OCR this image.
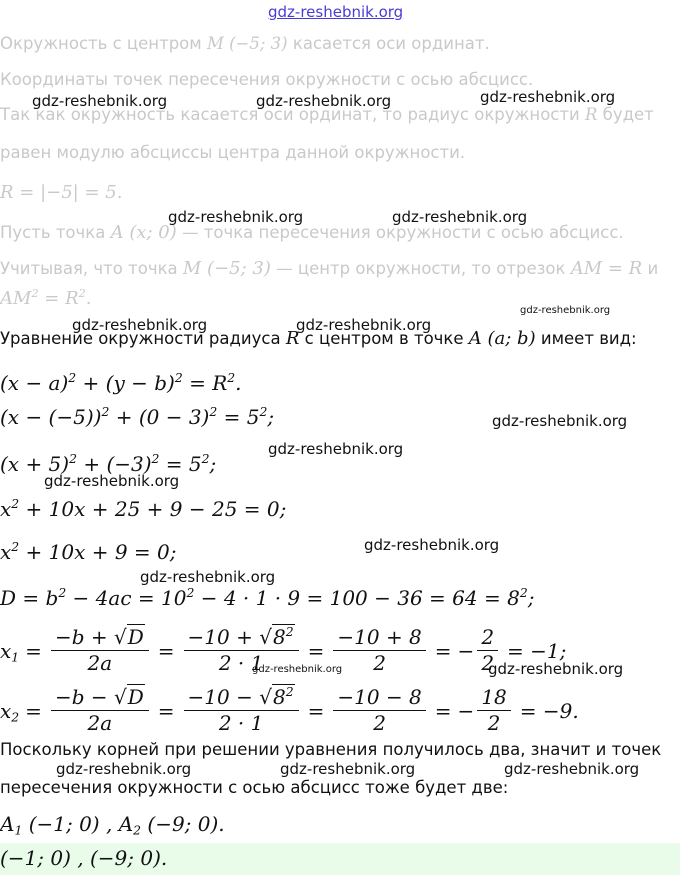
gdz-reshebnik.org
Окружность с центром M (−5; 3) касается оси ординат.
Координаты точек пересечения окружности с осью абсцисс.
Так как окружность касается оси ординат, то радиус окружности R будет
равен модулю абсциссы центра данной окружности.
R = |−5| = 5.
Пусть точка A (x; 0) — точка пересечения окружности с осью абсцисс.
Учитывая, что точка M (−5; 3) — центр окружности, то отрезок AM = R и
$AM^2 = R^2$.
Уравнение окружности радиуса R с центром в точке A (a; b) имеет вид:
$(x - a)^2 + (y - b)^2 = R^2$.
$(x - (-5))^2 + (0 - 3)^2 = 5^2$;
$(x + 5)^2 + (-3)^2 = 5^2$;
$x^2 + 10x + 25 + 9 - 25 = 0$;
$x^2 + 10x + 9 = 0$;
$D = b^2 - 4ac = 10^2 - 4 \cdot 1 \cdot 9 = 100 - 36 = 64 = 8^2$;
$x_1 = \frac{-b + √D}{2a} = \frac{-10 + √8^2}{2 \cdot 1} = \frac{-10 + 8}{2}$ = − $\frac{2}{2} = -1$;
$x_2 = \frac{-b - √D}{2a} = \frac{-10 - √8^2}{2 \cdot 1} = \frac{-10 - 8}{2}$ = − $\frac{18}{2} = -9$.
Поскольку корней при решении уравнения получилось два, значит и точек
пересечения окружности с осью абсцисс тоже будет две:
$A_1$ (−1; 0) , $A_2$ (−9; 0).
(−1; 0) , (−9; 0).
gdz-reshebnik.org	gdz-reshebnik.org	gdz-reshebnik.org
gdz-reshebnik.org	gdz-reshebnik.org
gdz-reshebnik.org
gdz-reshebnik.org	gdz-reshebnik.org
gdz-reshebnik.org
gdz-reshebnik.org
gdz-reshebnik.org
gdz-reshebnik.org
gdz-reshebnik.org
gdz-reshebnik.org	gdz-reshebnik.org
gdz-reshebnik.org	gdz-reshebnik.org	gdz-reshebnik.org
